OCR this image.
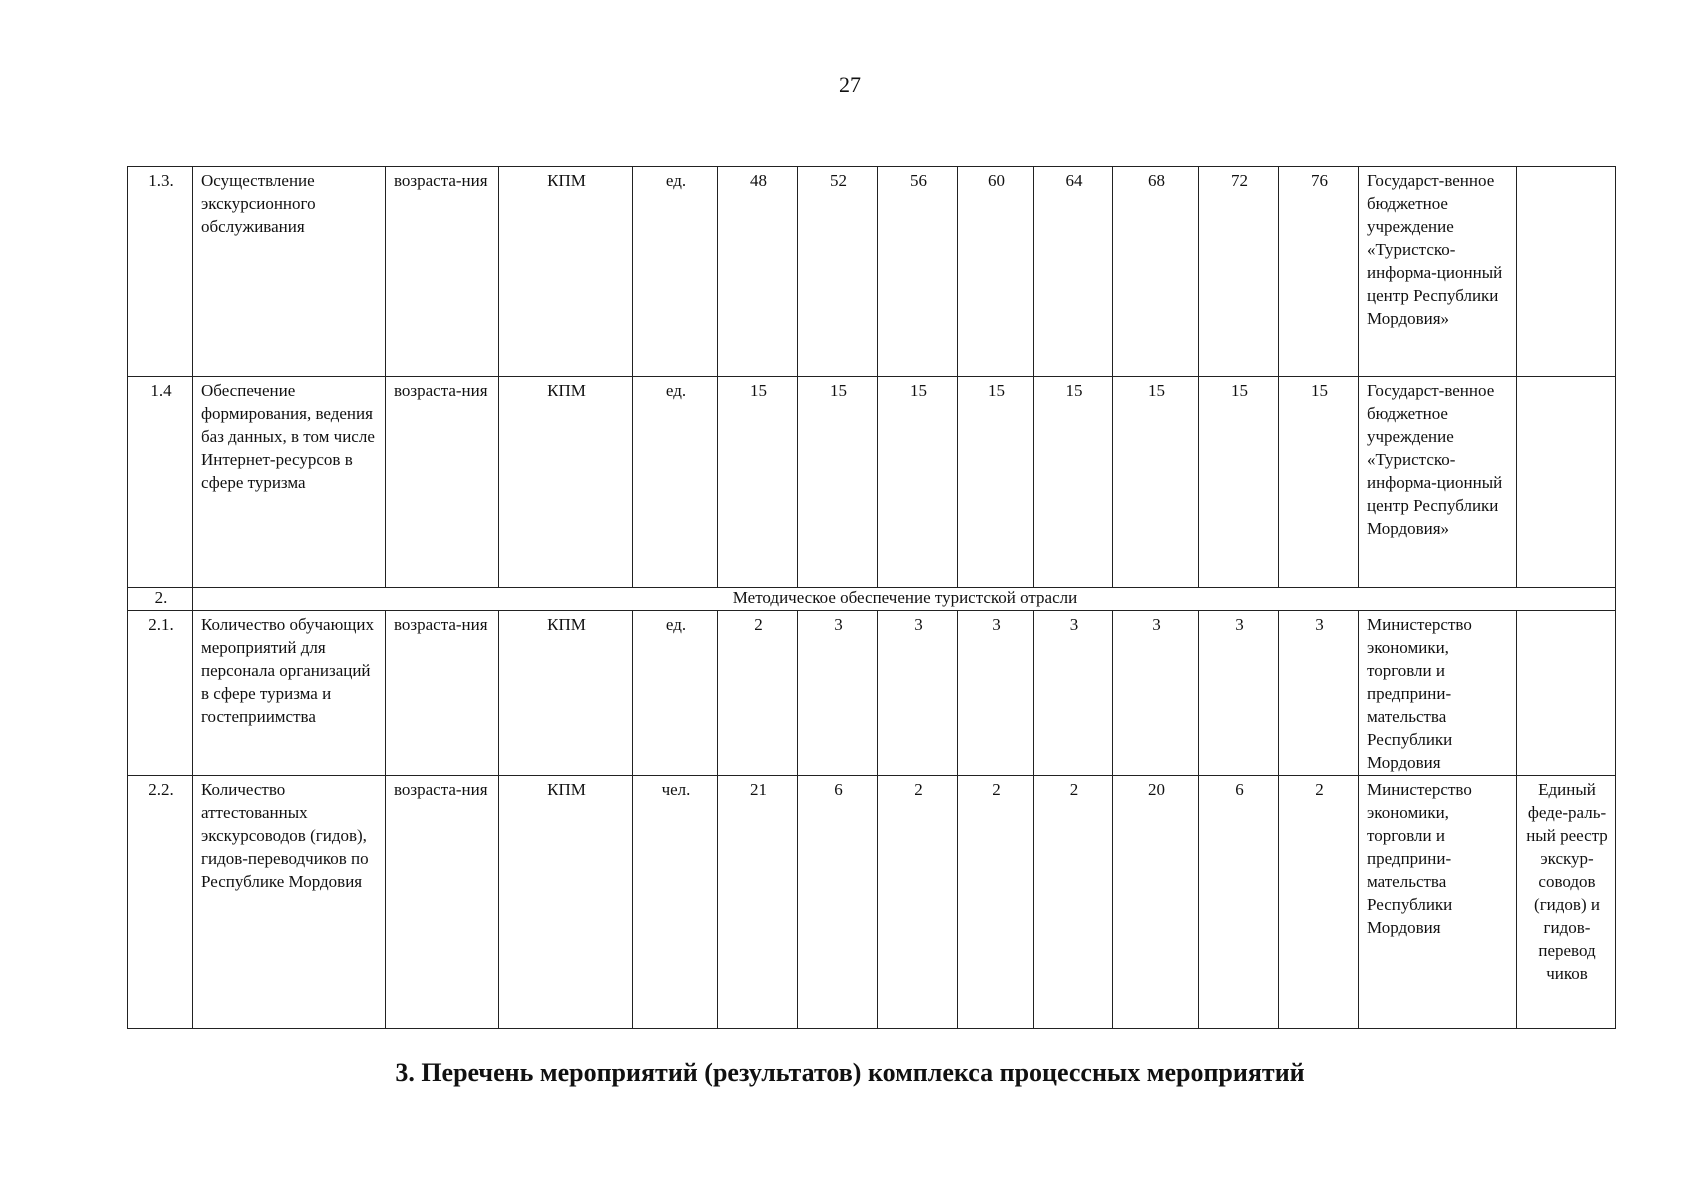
27
1.3.	Осуществление экскурсионного обслуживания	возраста-ния	КПМ	ед.	48	52	56	60	64	68	72	76	Государст-венное бюджетное учреждение «Туристско-информа-ционный центр Республики Мордовия»	
1.4	Обеспечение формирования, ведения баз данных, в том числе Интернет-ресурсов в сфере туризма	возраста-ния	КПМ	ед.	15	15	15	15	15	15	15	15	Государст-венное бюджетное учреждение «Туристско-информа-ционный центр Республики Мордовия»	
2.	Методическое обеспечение туристской отрасли													
2.1.	Количество обучающих мероприятий для персонала организаций в сфере туризма и гостеприимства	возраста-ния	КПМ	ед.	2	3	3	3	3	3	3	3	Министерство экономики, торговли и предприни-мательства Республики Мордовия	
2.2.	Количество аттестованных экскурсоводов (гидов), гидов-переводчиков по Республике Мордовия	возраста-ния	КПМ	чел.	21	6	2	2	2	20	6	2	Министерство экономики, торговли и предприни-мательства Республики Мордовия	Единый феде-раль-ный реестр экскур-соводов (гидов) и гидов-перевод чиков
3. Перечень мероприятий (результатов) комплекса процессных мероприятий
